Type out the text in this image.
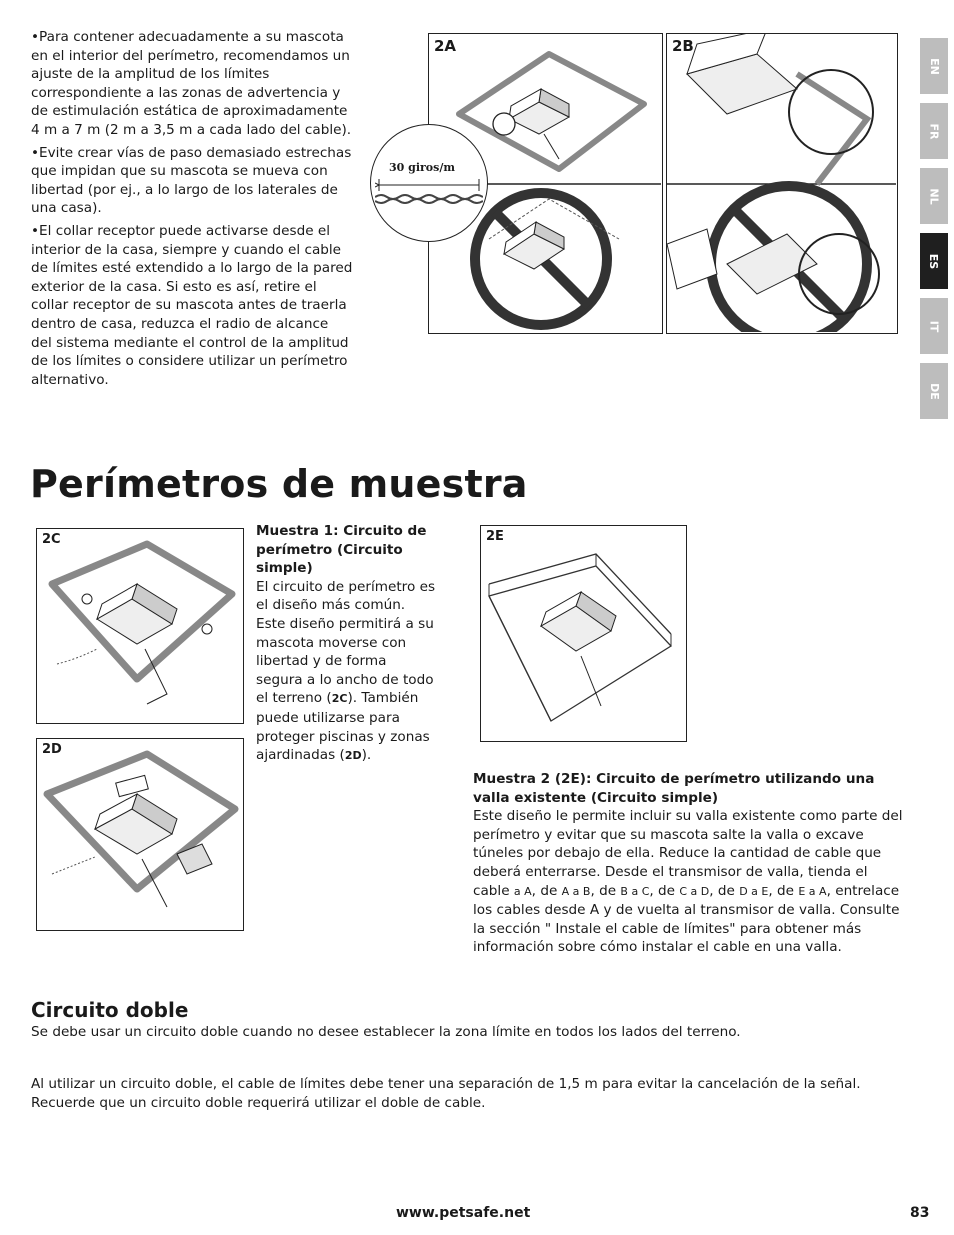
• Para contener adecuadamente a su mascota en el interior del perímetro, recomendamos un ajuste de la amplitud de los límites correspondiente a las zonas de advertencia y de estimulación estática de aproximadamente 4 m a 7 m (2 m a 3,5 m a cada lado del cable).

• Evite crear vías de paso demasiado estrechas que impidan que su mascota se mueva con libertad (por ej., a lo largo de los laterales de una casa).

• El collar receptor puede activarse desde el interior de la casa, siempre y cuando el cable de límites esté extendido a lo largo de la pared exterior de la casa. Si esto es así, retire el collar receptor de su mascota antes de traerla dentro de casa, reduzca el radio de alcance del sistema mediante el control de la amplitud de los límites o considere utilizar un perímetro alternativo.

2A
30 giros/m
2B
EN
FR
NL
ES
IT
DE
Perímetros de muestra
2C
2D
Muestra 1: Circuito de perímetro (Circuito simple)
El circuito de perímetro es el diseño más común. Este diseño permitirá a su mascota moverse con libertad y de forma segura a lo ancho de todo el terreno (2C). También puede utilizarse para proteger piscinas y zonas ajardinadas (2D).
2E
Muestra 2 (2E): Circuito de perímetro utilizando una valla existente (Circuito simple)
Este diseño le permite incluir su valla existente como parte del perímetro y evitar que su mascota salte la valla o excave túneles por debajo de ella. Reduce la cantidad de cable que deberá enterrarse. Desde el transmisor de valla, tienda el cable a A, de A a B, de B a C, de C a D, de D a E, de E a A, entrelace los cables desde A y de vuelta al transmisor de valla. Consulte la sección " Instale el cable de límites" para obtener más información sobre cómo instalar el cable en una valla.
Circuito doble
Se debe usar un circuito doble cuando no desee establecer la zona límite en todos los lados del terreno.
Al utilizar un circuito doble, el cable de límites debe tener una separación de 1,5 m para evitar la cancelación de la señal. Recuerde que un circuito doble requerirá utilizar el doble de cable.
www.petsafe.net	83
